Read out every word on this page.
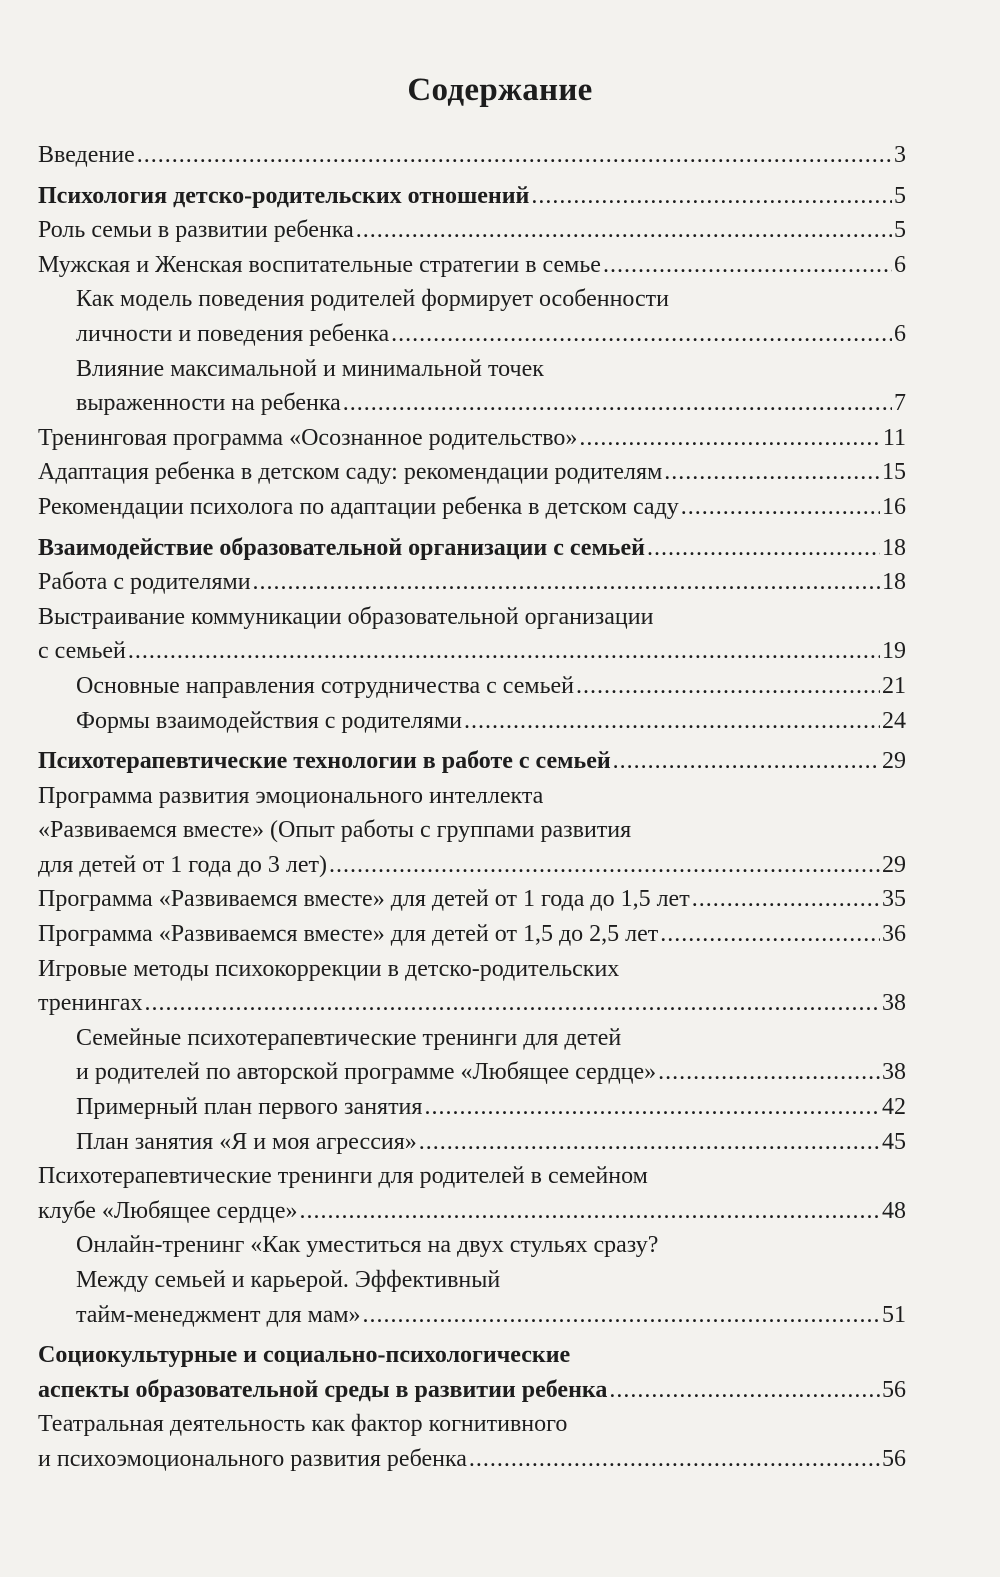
Содержание
Введение .....	3
Психология детско-родительских отношений .....	5
Роль семьи в развитии ребенка .....	5
Мужская и Женская воспитательные стратегии в семье .....	6
Как модель поведения родителей формирует особенности
личности и поведения ребенка .....	6
Влияние максимальной и минимальной точек
выраженности на ребенка .....	7
Тренинговая программа «Осознанное родительство» .....	11
Адаптация ребенка в детском саду: рекомендации родителям .....	15
Рекомендации психолога по адаптации ребенка в детском саду .....	16
Взаимодействие образовательной организации с семьей .....	18
Работа с родителями .....	18
Выстраивание коммуникации образовательной организации
с семьей .....	19
Основные направления сотрудничества с семьей .....	21
Формы взаимодействия с родителями .....	24
Психотерапевтические технологии в работе с семьей .....	29
Программа развития эмоционального интеллекта
«Развиваемся вместе» (Опыт работы с группами развития
для детей от 1 года до 3 лет) .....	29
Программа «Развиваемся вместе» для детей от 1 года до 1,5 лет .....	35
Программа «Развиваемся вместе» для детей от 1,5 до 2,5 лет .....	36
Игровые методы психокоррекции в детско-родительских
тренингах .....	38
Семейные психотерапевтические тренинги для детей
и родителей по авторской программе «Любящее сердце» .....	38
Примерный план первого занятия .....	42
План занятия «Я и моя агрессия» .....	45
Психотерапевтические тренинги для родителей в семейном
клубе «Любящее сердце» .....	48
Онлайн-тренинг «Как уместиться на двух стульях сразу?
Между семьей и карьерой. Эффективный
тайм-менеджмент для мам» .....	51
Социокультурные и социально-психологические
аспекты образовательной среды в развитии ребенка .....	56
Театральная деятельность как фактор когнитивного
и психоэмоционального развития ребенка .....	56
